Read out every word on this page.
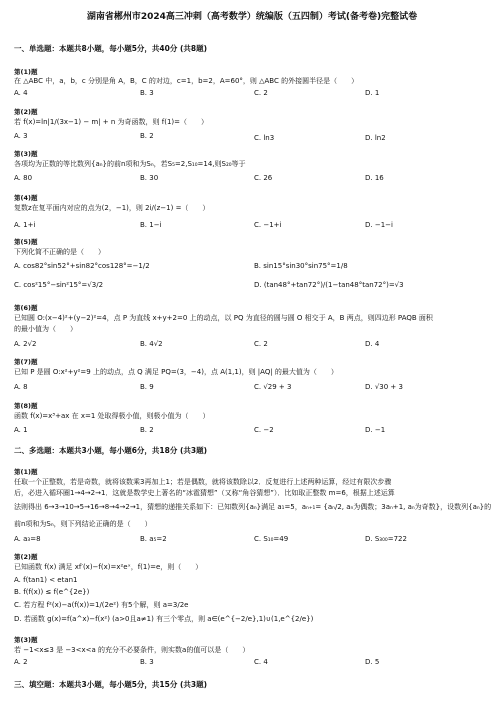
湖南省郴州市2024高三冲刺（高考数学）统编版（五四制）考试(备考卷)完整试卷
一、单选题：本题共8小题，每小题5分，共40分 (共8题)
第(1)题
在 △ABC 中，a，b，c 分别是角 A，B，C 的对边，c=1，b=2，A=60°，则 △ABC 的外接圆半径是（　　）
A. 4	B. 3	C. 2	D. 1
第(2)题
若 f(x)=ln|1/(3x−1) − m| + n 为奇函数，则 f(1)=（　　）
A. 3	B. 2	C. ln3	D. ln2
第(3)题
各项均为正数的等比数列{aₙ}的前n项和为Sₙ，若S₅=2,S₁₀=14,则S₂₀等于
A. 80	B. 30	C. 26	D. 16
第(4)题
复数z在复平面内对应的点为(2，−1)，则 2i/(z−1) =（　　）
A. 1+i	B. 1−i	C. −1+i	D. −1−i
第(5)题
下列化简不正确的是（　　）
A. cos82°sin52°+sin82°cos128°=−1/2	B. sin15°sin30°sin75°=1/8
C. cos²15°−sin²15°=√3/2	D. (tan48°+tan72°)/(1−tan48°tan72°)=√3
第(6)题
已知圆 O:(x−4)²+(y−2)²=4，点 P 为直线 x+y+2=0 上的动点，以 PQ 为直径的圆与圆 O 相交于 A，B 两点，则四边形 PAQB 面积
的最小值为（　　）
A. 2√2	B. 4√2	C. 2	D. 4
第(7)题
已知 P 是圆 O:x²+y²=9 上的动点，点 Q 满足 PQ=(3，−4)，点 A(1,1)，则 |AQ| 的最大值为（　　）
A. 8	B. 9	C. √29 + 3	D. √30 + 3
第(8)题
函数 f(x)=x³+ax 在 x=1 处取得极小值，则极小值为（　　）
A. 1	B. 2	C. −2	D. −1
二、多选题：本题共3小题，每小题6分，共18分 (共3题)
第(1)题
任取一个正整数，若是奇数，就将该数乘3再加上1；若是偶数，就将该数除以2．反复进行上述两种运算，经过有限次步骤
后，必进入循环圈1→4→2→1．这就是数学史上著名的“冰雹猜想”（又称“角谷猜想”）．比如取正整数 m=6，根据上述运算
法则得出 6→3→10→5→16→8→4→2→1，猜想的递推关系如下：已知数列{aₙ}满足 a₁=5，aₙ₊₁= {aₙ/2, aₙ为偶数；3aₙ+1, aₙ为奇数}，设数列{aₙ}的
前n项和为Sₙ，则下列结论正确的是（　　）
A. a₃=8	B. a₅=2	C. S₁₀=49	D. S₃₀₀=722
第(2)题
已知函数 f(x) 满足 xf′(x)−f(x)=x²eˣ，f(1)=e，则（　　）
A. f(tan1) < etan1
B. f(f(x)) ≤ f(e^{2e})
C. 若方程 f²(x)−a(f(x))=1/(2e²) 有5个解，则 a=3/2e
D. 若函数 g(x)=f(a^x)−f(x²) (a>0且a≠1) 有三个零点，则 a∈(e^{−2/e},1)∪(1,e^{2/e})
第(3)题
若 −1<x≤3 是 −3<x<a 的充分不必要条件，则实数a的值可以是（　　）
A. 2	B. 3	C. 4	D. 5
三、填空题：本题共3小题，每小题5分，共15分 (共3题)
